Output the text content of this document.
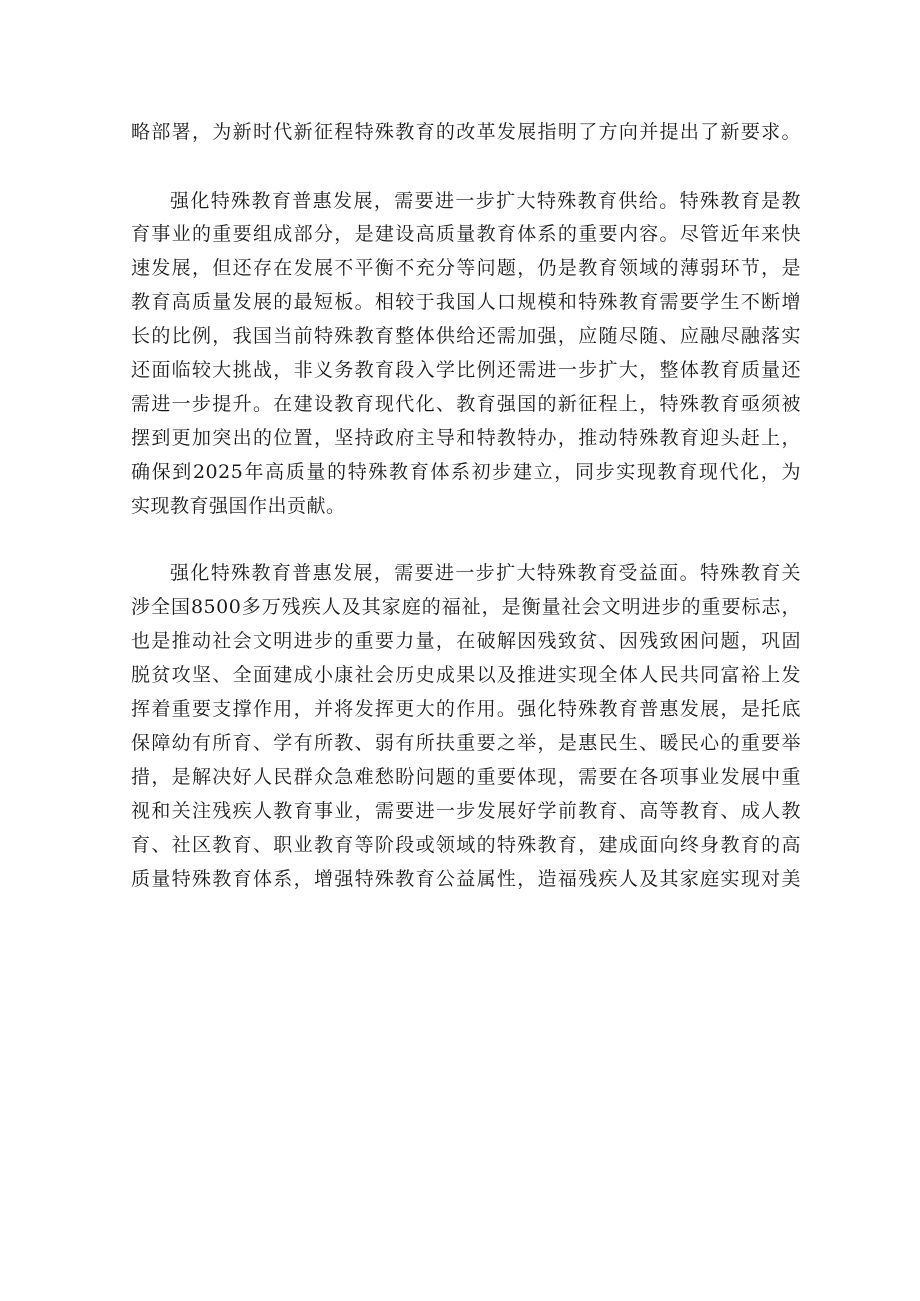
略部署，为新时代新征程特殊教育的改革发展指明了方向并提出了新要求。
强化特殊教育普惠发展，需要进一步扩大特殊教育供给。特殊教育是教
育事业的重要组成部分，是建设高质量教育体系的重要内容。尽管近年来快
速发展，但还存在发展不平衡不充分等问题，仍是教育领域的薄弱环节，是
教育高质量发展的最短板。相较于我国人口规模和特殊教育需要学生不断增
长的比例，我国当前特殊教育整体供给还需加强，应随尽随、应融尽融落实
还面临较大挑战，非义务教育段入学比例还需进一步扩大，整体教育质量还
需进一步提升。在建设教育现代化、教育强国的新征程上，特殊教育亟须被
摆到更加突出的位置，坚持政府主导和特教特办，推动特殊教育迎头赶上，
确保到2025年高质量的特殊教育体系初步建立，同步实现教育现代化，为
实现教育强国作出贡献。
强化特殊教育普惠发展，需要进一步扩大特殊教育受益面。特殊教育关
涉全国8500多万残疾人及其家庭的福祉，是衡量社会文明进步的重要标志，
也是推动社会文明进步的重要力量，在破解因残致贫、因残致困问题，巩固
脱贫攻坚、全面建成小康社会历史成果以及推进实现全体人民共同富裕上发
挥着重要支撑作用，并将发挥更大的作用。强化特殊教育普惠发展，是托底
保障幼有所育、学有所教、弱有所扶重要之举，是惠民生、暖民心的重要举
措，是解决好人民群众急难愁盼问题的重要体现，需要在各项事业发展中重
视和关注残疾人教育事业，需要进一步发展好学前教育、高等教育、成人教
育、社区教育、职业教育等阶段或领域的特殊教育，建成面向终身教育的高
质量特殊教育体系，增强特殊教育公益属性，造福残疾人及其家庭实现对美
